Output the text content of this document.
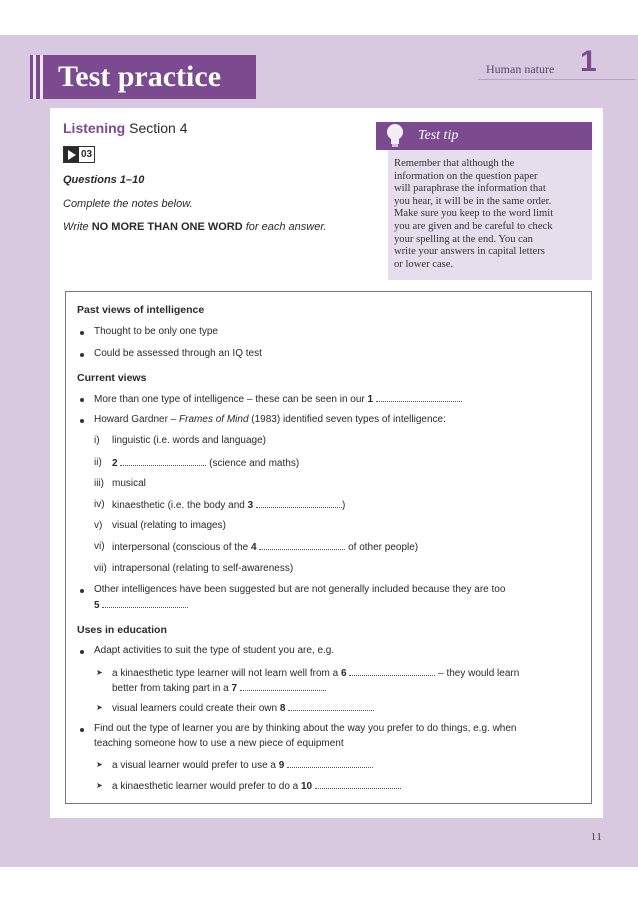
Test practice	Human nature 1
Listening Section 4
03
Questions 1–10
Complete the notes below.
Write NO MORE THAN ONE WORD for each answer.
Test tip
Remember that although the
information on the question paper
will paraphrase the information that
you hear, it will be in the same order.
Make sure you keep to the word limit
you are given and be careful to check
your spelling at the end. You can
write your answers in capital letters
or lower case.
Past views of intelligence
Thought to be only one type
Could be assessed through an IQ test
Current views
More than one type of intelligence – these can be seen in our 1
Howard Gardner – Frames of Mind (1983) identified seven types of intelligence:
i) linguistic (i.e. words and language)
ii) 2	(science and maths)
iii) musical
iv) kinaesthetic (i.e. the body and 3	)
v) visual (relating to images)
vi) interpersonal (conscious of the 4	of other people)
vii) intrapersonal (relating to self-awareness)
Other intelligences have been suggested but are not generally included because they are too
5
Uses in education
Adapt activities to suit the type of student you are, e.g.
➤ a kinaesthetic type learner will not learn well from a 6	– they would learn
better from taking part in a 7
➤ visual learners could create their own 8
Find out the type of learner you are by thinking about the way you prefer to do things, e.g. when
teaching someone how to use a new piece of equipment
➤ a visual learner would prefer to use a 9
➤ a kinaesthetic learner would prefer to do a 10
11
